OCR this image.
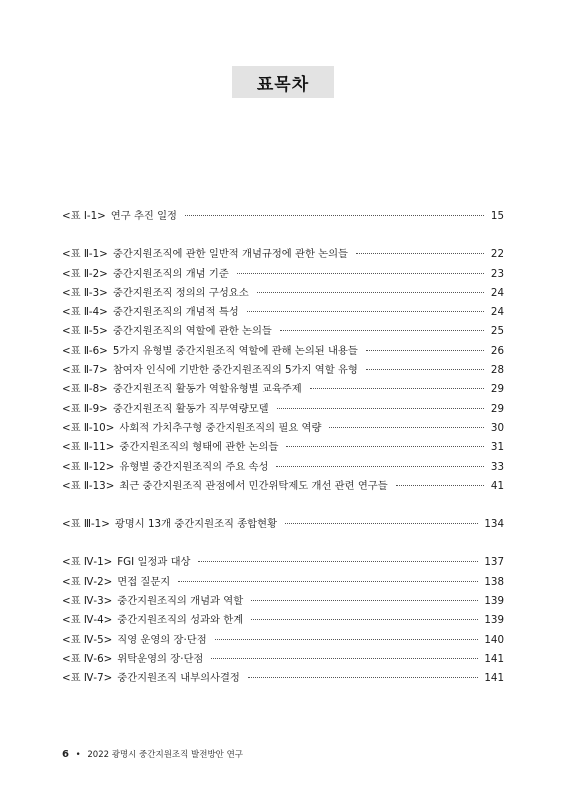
표목차
<표 Ⅰ-1> 연구 추진 일정	15
<표 Ⅱ-1> 중간지원조직에 관한 일반적 개념규정에 관한 논의들	22
<표 Ⅱ-2> 중간지원조직의 개념 기준	23
<표 Ⅱ-3> 중간지원조직 정의의 구성요소	24
<표 Ⅱ-4> 중간지원조직의 개념적 특성	24
<표 Ⅱ-5> 중간지원조직의 역할에 관한 논의들	25
<표 Ⅱ-6> 5가지 유형별 중간지원조직 역할에 관해 논의된 내용들	26
<표 Ⅱ-7> 참여자 인식에 기반한 중간지원조직의 5가지 역할 유형	28
<표 Ⅱ-8> 중간지원조직 활동가 역할유형별 교육주제	29
<표 Ⅱ-9> 중간지원조직 활동가 직무역량모델	29
<표 Ⅱ-10> 사회적 가치추구형 중간지원조직의 필요 역량	30
<표 Ⅱ-11> 중간지원조직의 형태에 관한 논의들	31
<표 Ⅱ-12> 유형별 중간지원조직의 주요 속성	33
<표 Ⅱ-13> 최근 중간지원조직 관점에서 민간위탁제도 개선 관련 연구들	41
<표 Ⅲ-1> 광명시 13개 중간지원조직 종합현황	134
<표 Ⅳ-1> FGI 일정과 대상	137
<표 Ⅳ-2> 면접 질문지	138
<표 Ⅳ-3> 중간지원조직의 개념과 역할	139
<표 Ⅳ-4> 중간지원조직의 성과와 한계	139
<표 Ⅳ-5> 직영 운영의 장·단점	140
<표 Ⅳ-6> 위탁운영의 장·단점	141
<표 Ⅳ-7> 중간지원조직 내부의사결정	141
6 • 2022 광명시 중간지원조직 발전방안 연구
